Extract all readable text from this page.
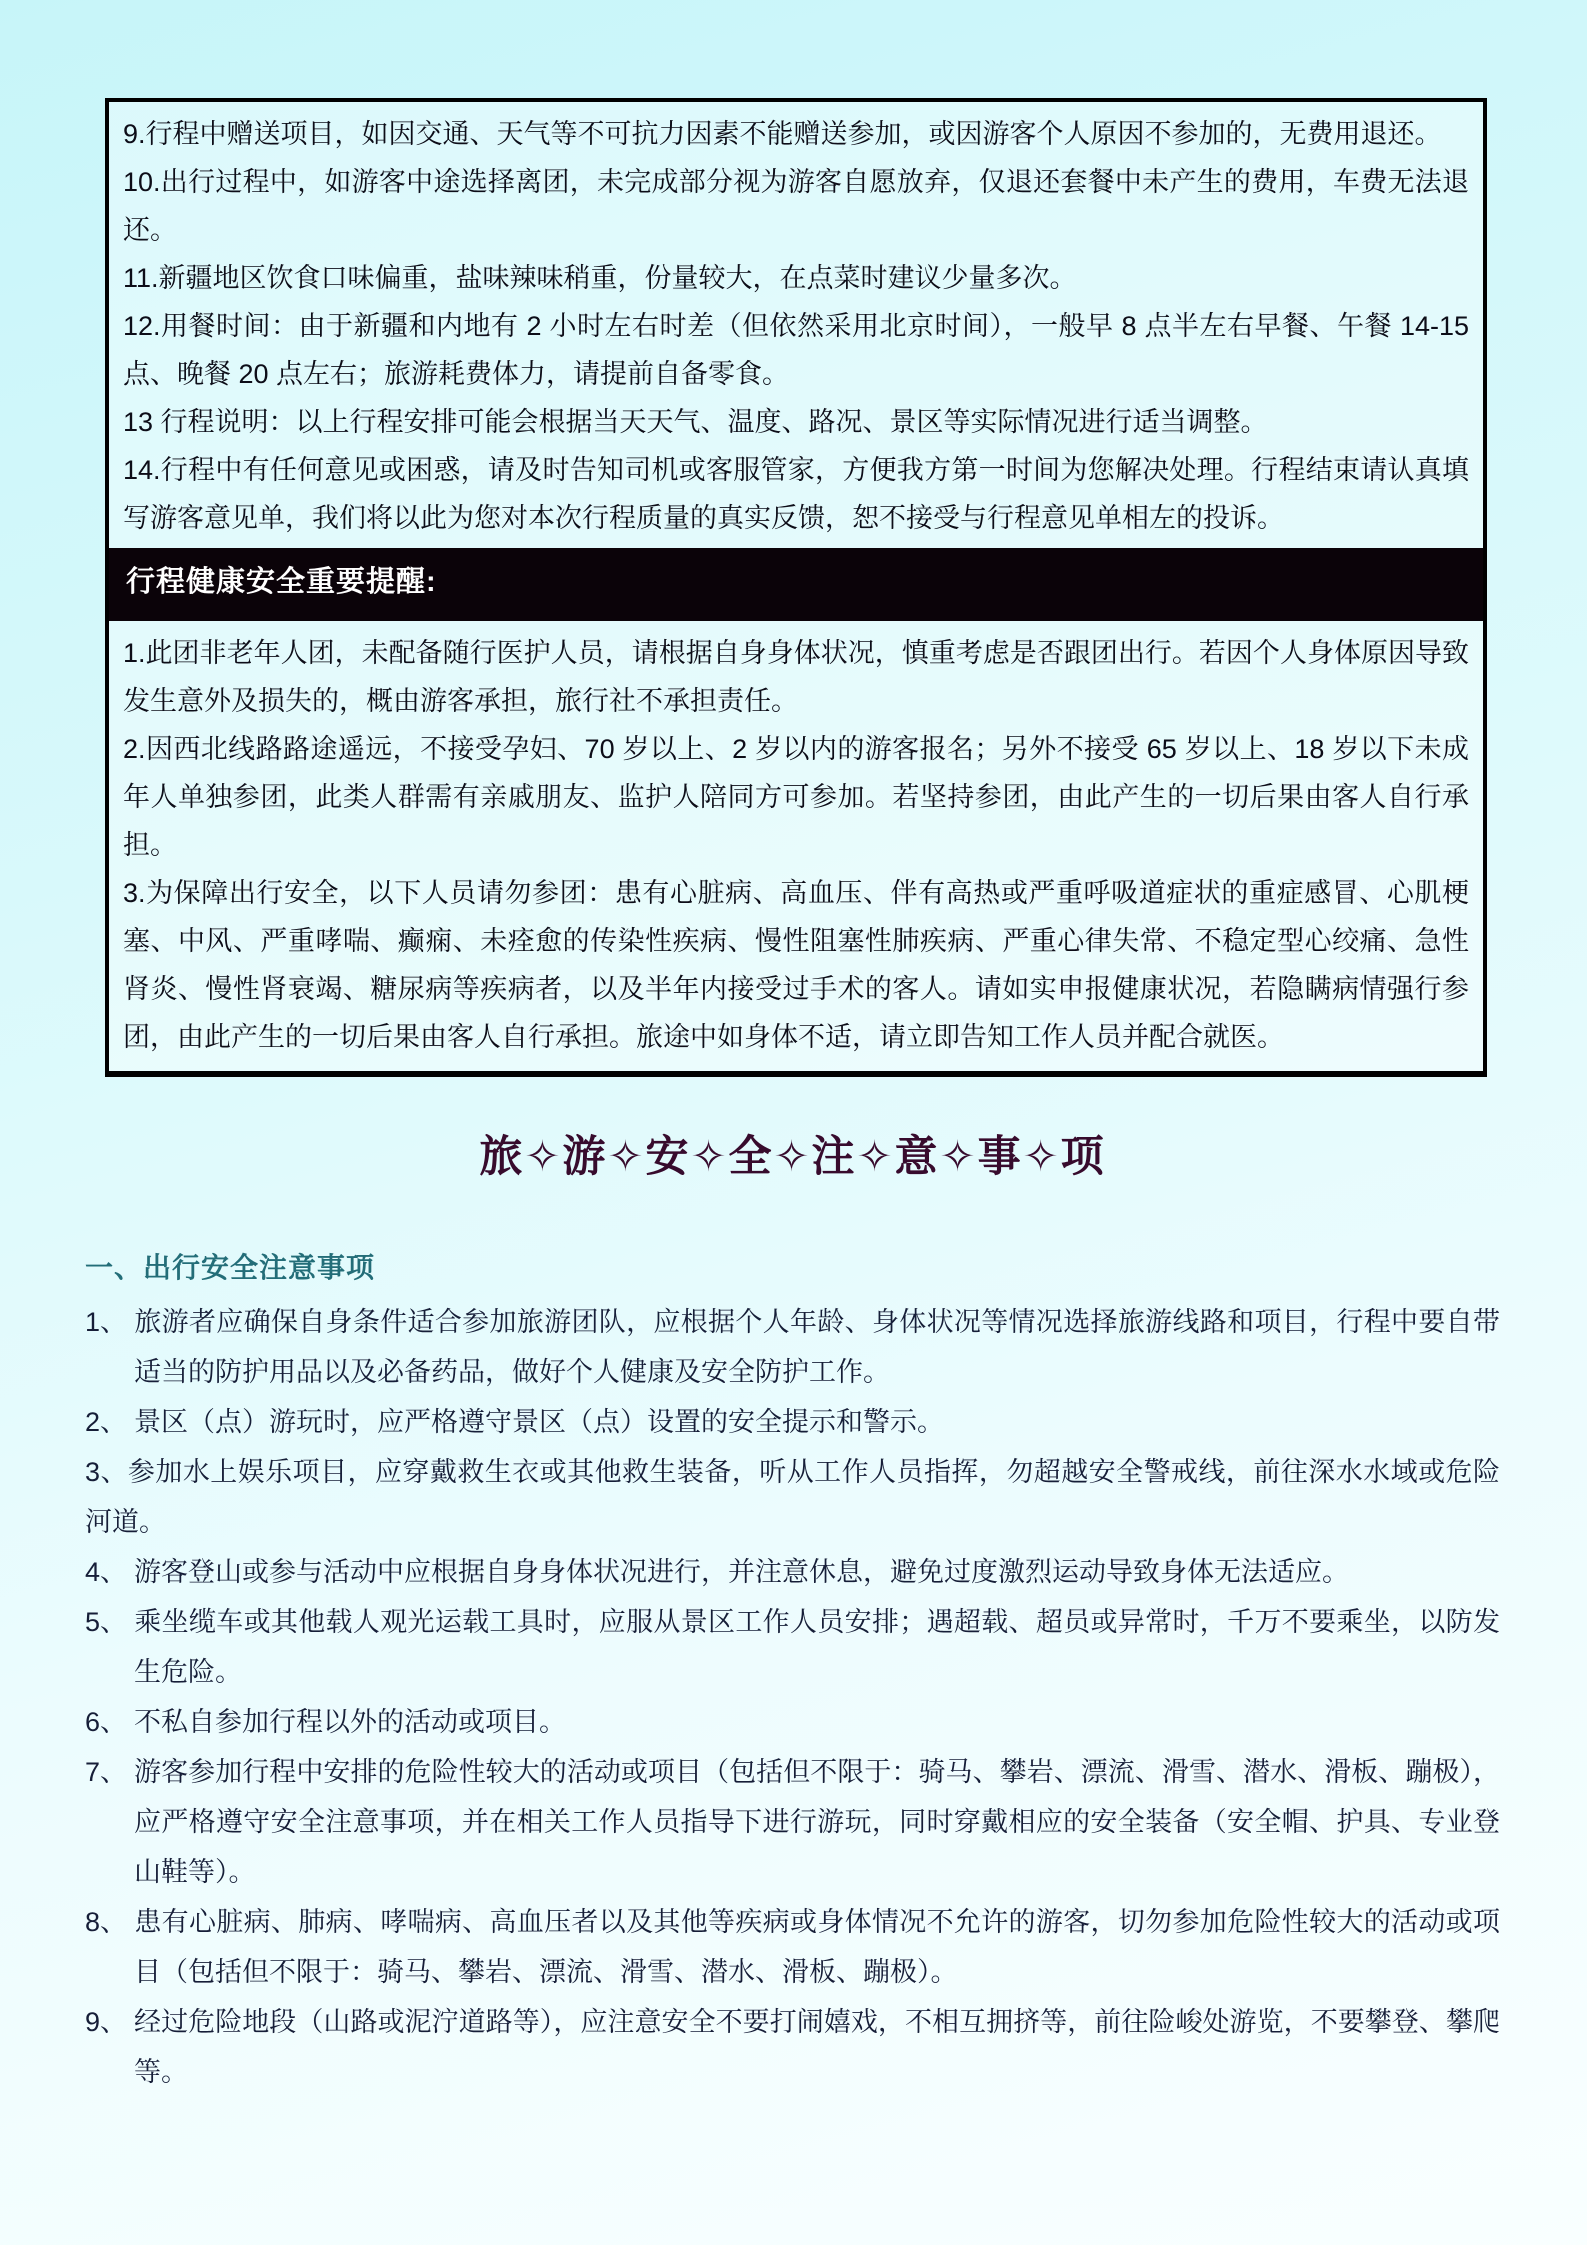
9.行程中赠送项目，如因交通、天气等不可抗力因素不能赠送参加，或因游客个人原因不参加的，无费用退还。

10.出行过程中，如游客中途选择离团，未完成部分视为游客自愿放弃，仅退还套餐中未产生的费用，车费无法退还。

11.新疆地区饮食口味偏重，盐味辣味稍重，份量较大，在点菜时建议少量多次。

12.用餐时间：由于新疆和内地有 2 小时左右时差（但依然采用北京时间），一般早 8 点半左右早餐、午餐 14-15 点、晚餐 20 点左右；旅游耗费体力，请提前自备零食。

13 行程说明：以上行程安排可能会根据当天天气、温度、路况、景区等实际情况进行适当调整。

14.行程中有任何意见或困惑，请及时告知司机或客服管家，方便我方第一时间为您解决处理。行程结束请认真填写游客意见单，我们将以此为您对本次行程质量的真实反馈，恕不接受与行程意见单相左的投诉。

行程健康安全重要提醒:

1.此团非老年人团，未配备随行医护人员，请根据自身身体状况，慎重考虑是否跟团出行。若因个人身体原因导致发生意外及损失的，概由游客承担，旅行社不承担责任。

2.因西北线路路途遥远，不接受孕妇、70 岁以上、2 岁以内的游客报名；另外不接受 65 岁以上、18 岁以下未成年人单独参团，此类人群需有亲戚朋友、监护人陪同方可参加。若坚持参团，由此产生的一切后果由客人自行承担。

3.为保障出行安全，以下人员请勿参团：患有心脏病、高血压、伴有高热或严重呼吸道症状的重症感冒、心肌梗塞、中风、严重哮喘、癫痫、未痊愈的传染性疾病、慢性阻塞性肺疾病、严重心律失常、不稳定型心绞痛、急性肾炎、慢性肾衰竭、糖尿病等疾病者，以及半年内接受过手术的客人。请如实申报健康状况，若隐瞒病情强行参团，由此产生的一切后果由客人自行承担。旅途中如身体不适，请立即告知工作人员并配合就医。

旅✧游✧安✧全✧注✧意✧事✧项
一、出行安全注意事项

1、 旅游者应确保自身条件适合参加旅游团队，应根据个人年龄、身体状况等情况选择旅游线路和项目，行程中要自带适当的防护用品以及必备药品，做好个人健康及安全防护工作。

2、 景区（点）游玩时，应严格遵守景区（点）设置的安全提示和警示。

3、参加水上娱乐项目，应穿戴救生衣或其他救生装备，听从工作人员指挥，勿超越安全警戒线，前往深水水域或危险河道。

4、 游客登山或参与活动中应根据自身身体状况进行，并注意休息，避免过度激烈运动导致身体无法适应。

5、 乘坐缆车或其他载人观光运载工具时，应服从景区工作人员安排；遇超载、超员或异常时，千万不要乘坐，以防发生危险。

6、 不私自参加行程以外的活动或项目。

7、 游客参加行程中安排的危险性较大的活动或项目（包括但不限于：骑马、攀岩、漂流、滑雪、潜水、滑板、蹦极），应严格遵守安全注意事项，并在相关工作人员指导下进行游玩，同时穿戴相应的安全装备（安全帽、护具、专业登山鞋等）。

8、 患有心脏病、肺病、哮喘病、高血压者以及其他等疾病或身体情况不允许的游客，切勿参加危险性较大的活动或项目（包括但不限于：骑马、攀岩、漂流、滑雪、潜水、滑板、蹦极）。

9、 经过危险地段（山路或泥泞道路等），应注意安全不要打闹嬉戏，不相互拥挤等，前往险峻处游览，不要攀登、攀爬等。
